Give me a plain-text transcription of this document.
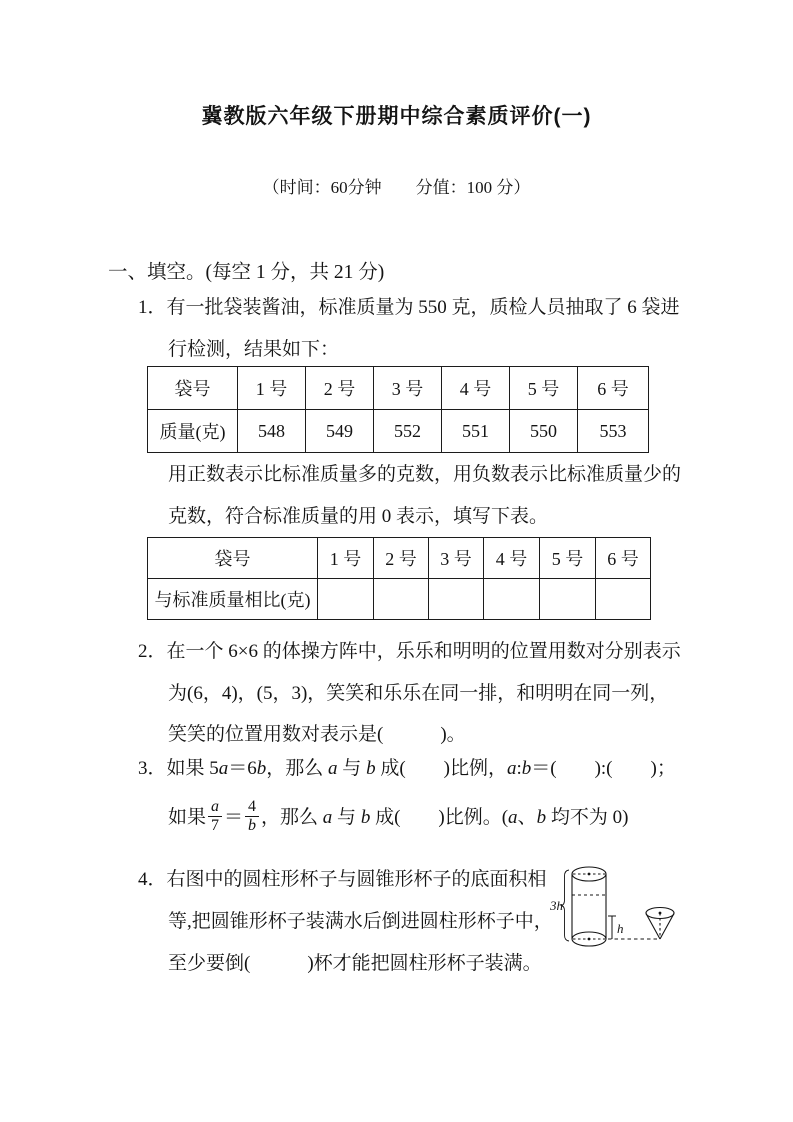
冀教版六年级下册期中综合素质评价(一)
（时间：60分钟　　分值：100 分）
一、填空。(每空 1 分，共 21 分)
1．有一批袋装酱油，标准质量为 550 克，质检人员抽取了 6 袋进
行检测，结果如下：
袋号	1 号	2 号	3 号	4 号	5 号	6 号
质量(克)	548	549	552	551	550	553
用正数表示比标准质量多的克数，用负数表示比标准质量少的
克数，符合标准质量的用 0 表示，填写下表。
袋号	1 号	2 号	3 号	4 号	5 号	6 号
与标准质量相比(克)						
2．在一个 6×6 的体操方阵中，乐乐和明明的位置用数对分别表示
为(6，4)，(5，3)，笑笑和乐乐在同一排，和明明在同一列，
笑笑的位置用数对表示是(　　　)。
3．如果 5a＝6b，那么 a 与 b 成(　　)比例，a:b＝(　　):(　　)；
如果 $\frac{a}{7} = \frac{4}{b}$ ，那么 a 与 b 成(　　)比例。(a、b 均不为 0)
4．右图中的圆柱形杯子与圆锥形杯子的底面积相
等,把圆锥形杯子装满水后倒进圆柱形杯子中，
至少要倒(　　　)杯才能把圆柱形杯子装满。
3h
h
